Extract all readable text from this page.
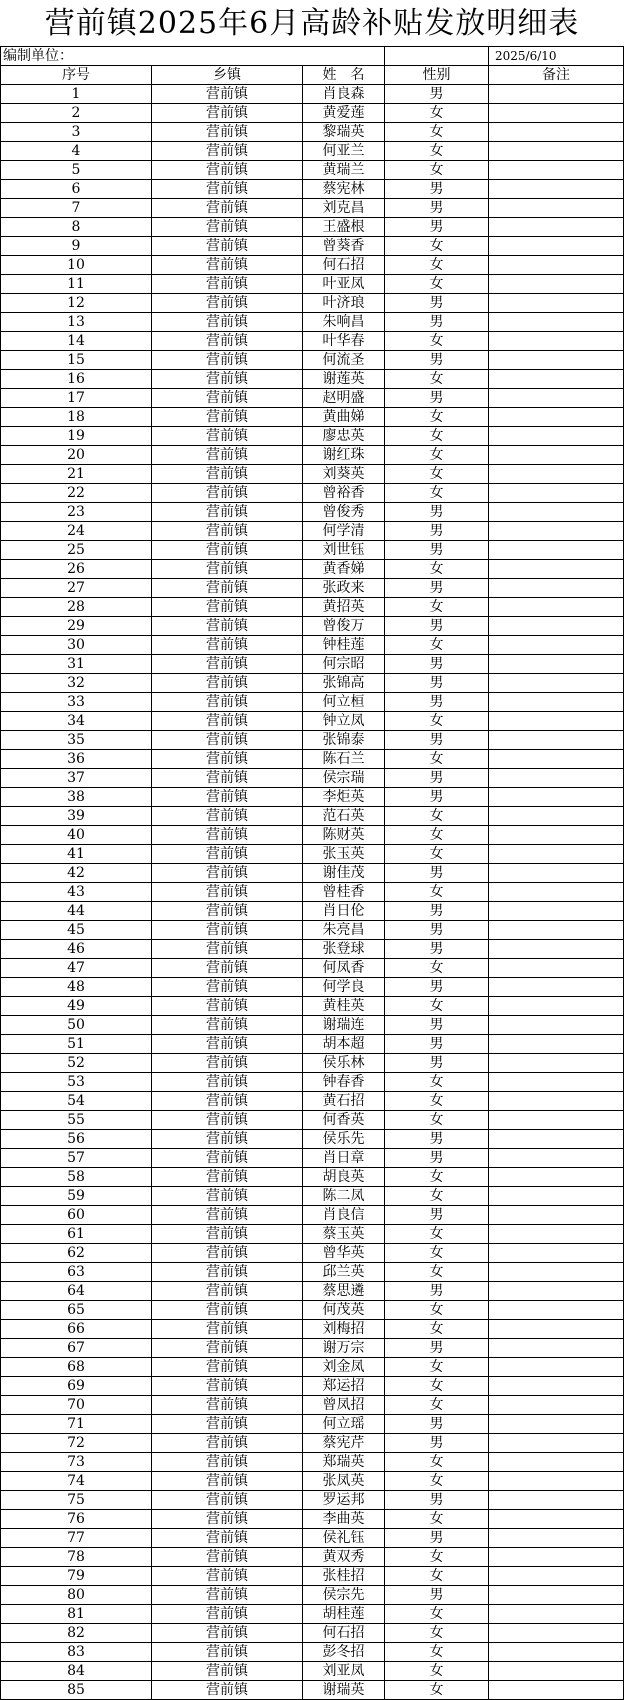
营前镇2025年6月高龄补贴发放明细表
编制单位：				2025/6/10
序号	乡镇	姓　名	性别	备注
1	营前镇	肖良森	男	
2	营前镇	黄爱莲	女	
3	营前镇	黎瑞英	女	
4	营前镇	何亚兰	女	
5	营前镇	黄瑞兰	女	
6	营前镇	蔡宪林	男	
7	营前镇	刘克昌	男	
8	营前镇	王盛根	男	
9	营前镇	曾葵香	女	
10	营前镇	何石招	女	
11	营前镇	叶亚凤	女	
12	营前镇	叶济琅	男	
13	营前镇	朱响昌	男	
14	营前镇	叶华春	女	
15	营前镇	何流圣	男	
16	营前镇	谢莲英	女	
17	营前镇	赵明盛	男	
18	营前镇	黄曲娣	女	
19	营前镇	廖忠英	女	
20	营前镇	谢红珠	女	
21	营前镇	刘葵英	女	
22	营前镇	曾裕香	女	
23	营前镇	曾俊秀	男	
24	营前镇	何学清	男	
25	营前镇	刘世钰	男	
26	营前镇	黄香娣	女	
27	营前镇	张政来	男	
28	营前镇	黄招英	女	
29	营前镇	曾俊万	男	
30	营前镇	钟桂莲	女	
31	营前镇	何宗昭	男	
32	营前镇	张锦高	男	
33	营前镇	何立桓	男	
34	营前镇	钟立凤	女	
35	营前镇	张锦泰	男	
36	营前镇	陈石兰	女	
37	营前镇	侯宗瑞	男	
38	营前镇	李炬英	男	
39	营前镇	范石英	女	
40	营前镇	陈财英	女	
41	营前镇	张玉英	女	
42	营前镇	谢佳茂	男	
43	营前镇	曾桂香	女	
44	营前镇	肖日伦	男	
45	营前镇	朱亮昌	男	
46	营前镇	张登球	男	
47	营前镇	何凤香	女	
48	营前镇	何学良	男	
49	营前镇	黄桂英	女	
50	营前镇	谢瑞连	男	
51	营前镇	胡本超	男	
52	营前镇	侯乐林	男	
53	营前镇	钟春香	女	
54	营前镇	黄石招	女	
55	营前镇	何香英	女	
56	营前镇	侯乐先	男	
57	营前镇	肖日章	男	
58	营前镇	胡良英	女	
59	营前镇	陈二凤	女	
60	营前镇	肖良信	男	
61	营前镇	蔡玉英	女	
62	营前镇	曾华英	女	
63	营前镇	邱兰英	女	
64	营前镇	蔡思遴	男	
65	营前镇	何茂英	女	
66	营前镇	刘梅招	女	
67	营前镇	谢万宗	男	
68	营前镇	刘金凤	女	
69	营前镇	郑运招	女	
70	营前镇	曾凤招	女	
71	营前镇	何立瑶	男	
72	营前镇	蔡宪芹	男	
73	营前镇	郑瑞英	女	
74	营前镇	张凤英	女	
75	营前镇	罗运邦	男	
76	营前镇	李曲英	女	
77	营前镇	侯礼钰	男	
78	营前镇	黄双秀	女	
79	营前镇	张桂招	女	
80	营前镇	侯宗先	男	
81	营前镇	胡桂莲	女	
82	营前镇	何石招	女	
83	营前镇	彭冬招	女	
84	营前镇	刘亚凤	女	
85	营前镇	谢瑞英	女	
